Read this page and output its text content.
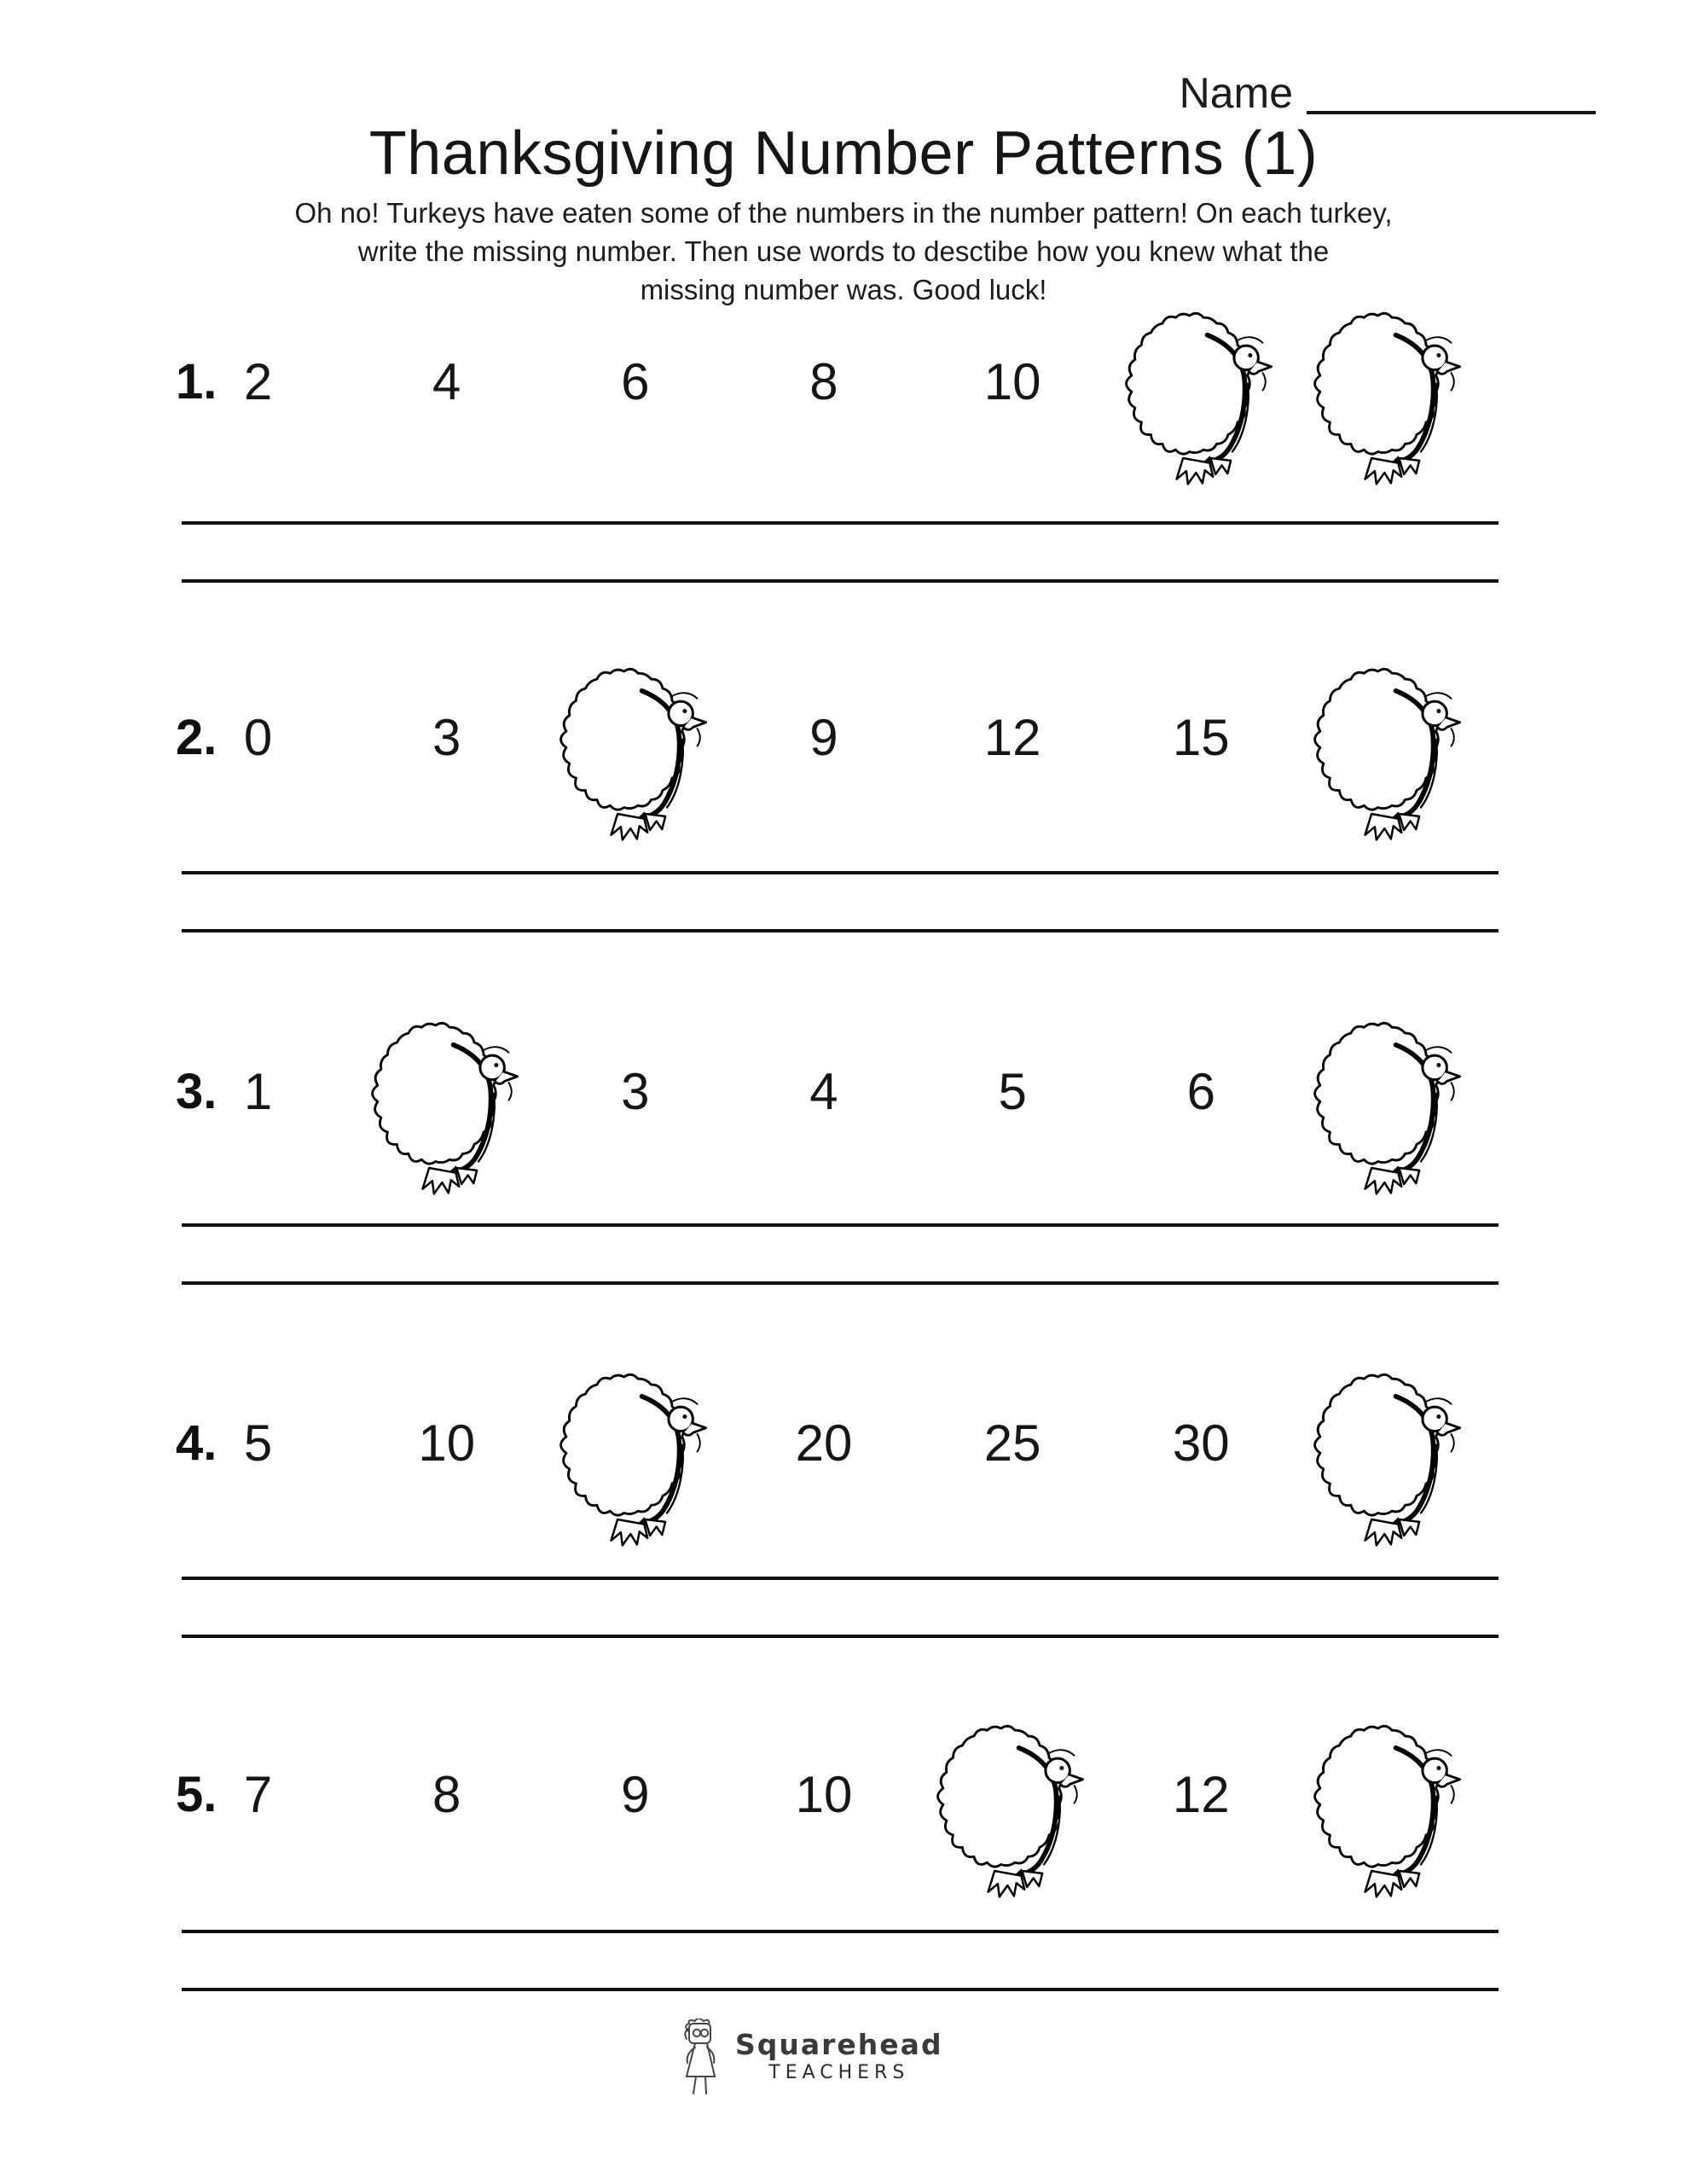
Name
Thanksgiving Number Patterns (1)
Oh no! Turkeys have eaten some of the numbers in the number pattern! On each turkey,
write the missing number. Then use words to desctibe how you knew what the
missing number was. Good luck!
1. 2	4	6	8	10
2. 0	3	9	12	15
3. 1	3	4	5	6
4. 5	10	20	25	30
5. 7	8	9	10	12
Squarehead
TEACHERS
